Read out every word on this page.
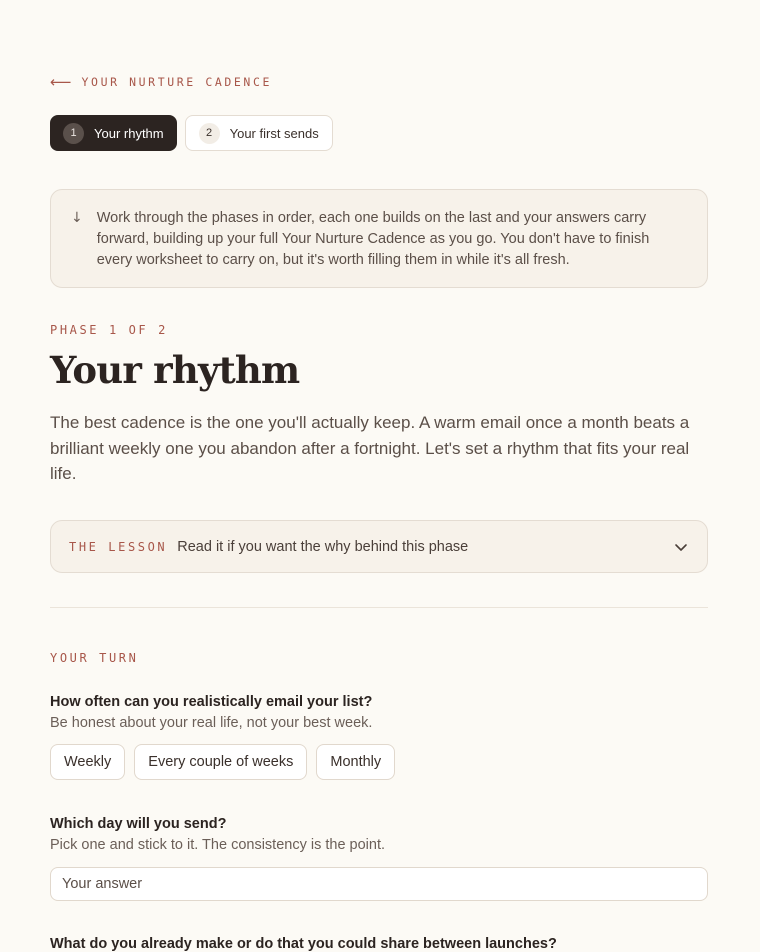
⟵ YOUR NURTURE CADENCE
1	Your rhythm	2	Your first sends
↓ Work through the phases in order, each one builds on the last and your answers carry forward, building up your full Your Nurture Cadence as you go. You don't have to finish every worksheet to carry on, but it's worth filling them in while it's all fresh.

PHASE 1 OF 2
Your rhythm

The best cadence is the one you'll actually keep. A warm email once a month beats a brilliant weekly one you abandon after a fortnight. Let's set a rhythm that fits your real life.

THE LESSON Read it if you want the why behind this phase
YOUR TURN
How often can you realistically email your list?
Be honest about your real life, not your best week.
Weekly	Every couple of weeks	Monthly
Which day will you send?
Pick one and stick to it. The consistency is the point.
Your answer
What do you already make or do that you could share between launches?
